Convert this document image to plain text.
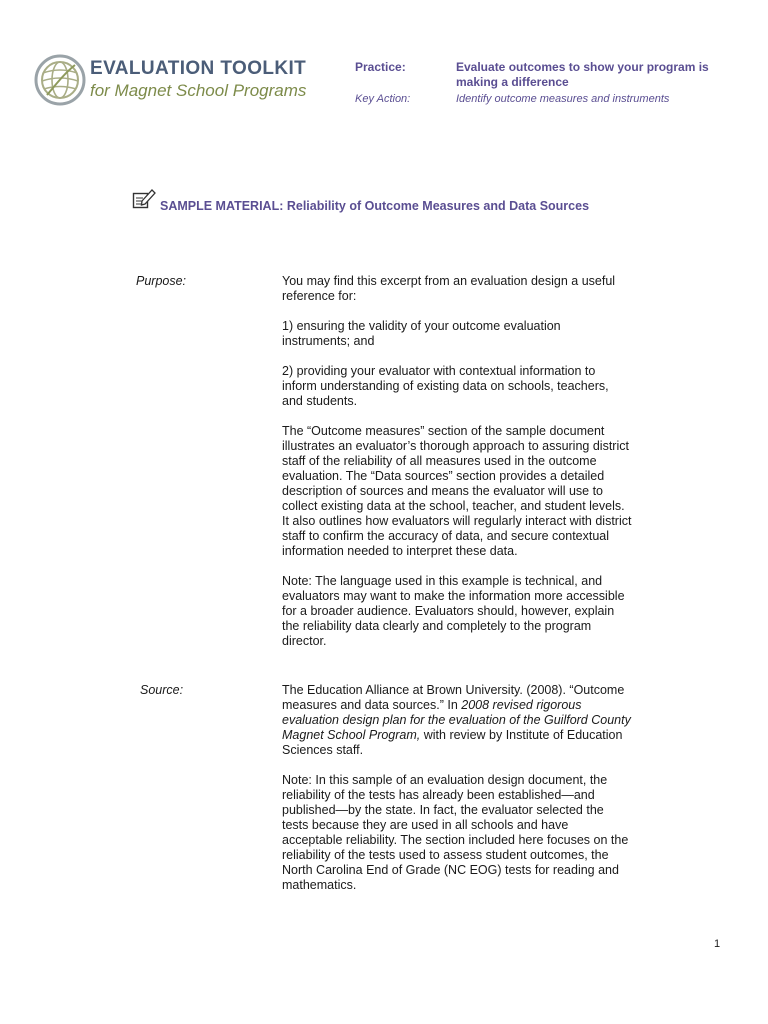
EVALUATION TOOLKIT
for Magnet School Programs
Practice:	Evaluate outcomes to show your program is making a difference
Key Action:	Identify outcome measures and instruments
SAMPLE MATERIAL: Reliability of Outcome Measures and Data Sources
Purpose:	You may find this excerpt from an evaluation design a useful reference for:

1) ensuring the validity of your outcome evaluation instruments; and

2) providing your evaluator with contextual information to inform understanding of existing data on schools, teachers, and students.

The “Outcome measures” section of the sample document illustrates an evaluator’s thorough approach to assuring district staff of the reliability of all measures used in the outcome evaluation. The “Data sources” section provides a detailed description of sources and means the evaluator will use to collect existing data at the school, teacher, and student levels. It also outlines how evaluators will regularly interact with district staff to confirm the accuracy of data, and secure contextual information needed to interpret these data.

Note: The language used in this example is technical, and evaluators may want to make the information more accessible for a broader audience. Evaluators should, however, explain the reliability data clearly and completely to the program director.

Source:	The Education Alliance at Brown University. (2008). “Outcome measures and data sources.” In 2008 revised rigorous evaluation design plan for the evaluation of the Guilford County Magnet School Program, with review by Institute of Education Sciences staff.

Note: In this sample of an evaluation design document, the reliability of the tests has already been established—and published—by the state. In fact, the evaluator selected the tests because they are used in all schools and have acceptable reliability. The section included here focuses on the reliability of the tests used to assess student outcomes, the North Carolina End of Grade (NC EOG) tests for reading and mathematics.

1
